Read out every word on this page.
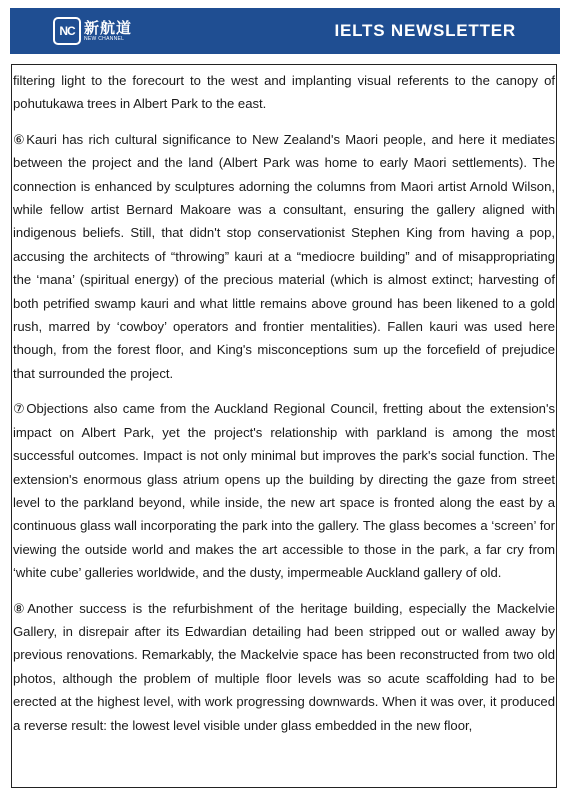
NC 新航道
NEW CHANNEL	IELTS NEWSLETTER

filtering light to the forecourt to the west and implanting visual referents to the canopy of pohutukawa trees in Albert Park to the east.

⑥Kauri has rich cultural significance to New Zealand's Maori people, and here it mediates between the project and the land (Albert Park was home to early Maori settlements). The connection is enhanced by sculptures adorning the columns from Maori artist Arnold Wilson, while fellow artist Bernard Makoare was a consultant, ensuring the gallery aligned with indigenous beliefs. Still, that didn't stop conservationist Stephen King from having a pop, accusing the architects of “throwing” kauri at a “mediocre building” and of misappropriating the ‘mana’ (spiritual energy) of the precious material (which is almost extinct; harvesting of both petrified swamp kauri and what little remains above ground has been likened to a gold rush, marred by ‘cowboy’ operators and frontier mentalities). Fallen kauri was used here though, from the forest floor, and King's misconceptions sum up the forcefield of prejudice that surrounded the project.

⑦Objections also came from the Auckland Regional Council, fretting about the extension's impact on Albert Park, yet the project's relationship with parkland is among the most successful outcomes. Impact is not only minimal but improves the park's social function. The extension's enormous glass atrium opens up the building by directing the gaze from street level to the parkland beyond, while inside, the new art space is fronted along the east by a continuous glass wall incorporating the park into the gallery. The glass becomes a ‘screen’ for viewing the outside world and makes the art accessible to those in the park, a far cry from ‘white cube’ galleries worldwide, and the dusty, impermeable Auckland gallery of old.

⑧Another success is the refurbishment of the heritage building, especially the Mackelvie Gallery, in disrepair after its Edwardian detailing had been stripped out or walled away by previous renovations. Remarkably, the Mackelvie space has been reconstructed from two old photos, although the problem of multiple floor levels was so acute scaffolding had to be erected at the highest level, with work progressing downwards. When it was over, it produced a reverse result: the lowest level visible under glass embedded in the new floor,
